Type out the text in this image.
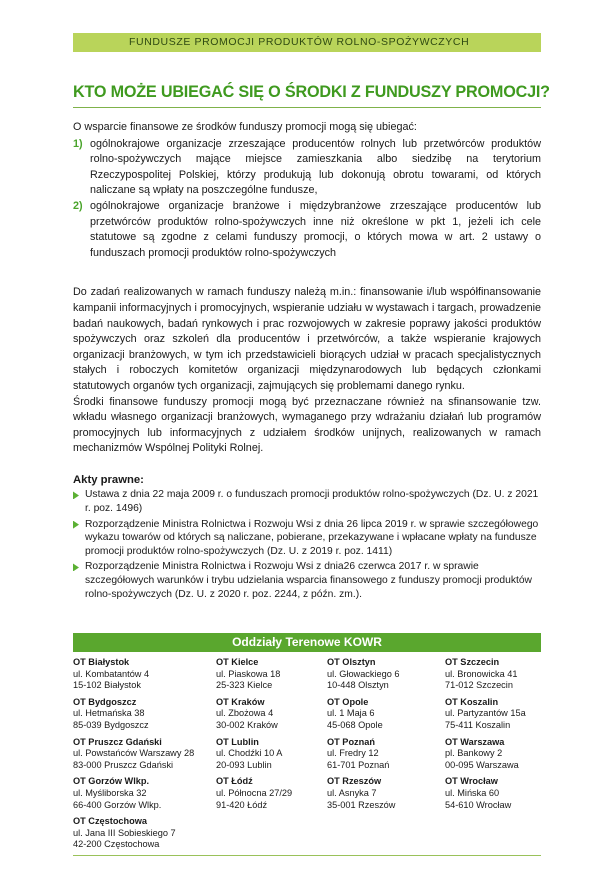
FUNDUSZE PROMOCJI PRODUKTÓW ROLNO-SPOŻYWCZYCH
KTO MOŻE UBIEGAĆ SIĘ O ŚRODKI Z FUNDUSZY PROMOCJI?

O wsparcie finansowe ze środków funduszy promocji mogą się ubiegać:

1) ogólnokrajowe organizacje zrzeszające producentów rolnych lub przetwórców produktów rolno-spożywczych mające miejsce zamieszkania albo siedzibę na terytorium Rzeczypospolitej Polskiej, którzy produkują lub dokonują obrotu towarami, od których naliczane są wpłaty na poszczególne fundusze,
2) ogólnokrajowe organizacje branżowe i międzybranżowe zrzeszające producentów lub przetwórców produktów rolno-spożywczych inne niż określone w pkt 1, jeżeli ich cele statutowe są zgodne z celami funduszy promocji, o których mowa w art. 2 ustawy o funduszach promocji produktów rolno-spożywczych

Do zadań realizowanych w ramach funduszy należą m.in.: finansowanie i/lub współfinansowanie kampanii informacyjnych i promocyjnych, wspieranie udziału w wystawach i targach, prowadzenie badań naukowych, badań rynkowych i prac rozwojowych w zakresie poprawy jakości produktów spożywczych oraz szkoleń dla producentów i przetwórców, a także wspieranie krajowych organizacji branżowych, w tym ich przedstawicieli biorących udział w pracach specjalistycznych stałych i roboczych komitetów organizacji międzynarodowych lub będących członkami statutowych organów tych organizacji, zajmujących się problemami danego rynku.

Środki finansowe funduszy promocji mogą być przeznaczane również na sfinansowanie tzw. wkładu własnego organizacji branżowych, wymaganego przy wdrażaniu działań lub programów promocyjnych lub informacyjnych z udziałem środków unijnych, realizowanych w ramach mechanizmów Wspólnej Polityki Rolnej.

Akty prawne:

Ustawa z dnia 22 maja 2009 r. o funduszach promocji produktów rolno-spożywczych (Dz. U. z 2021 r. poz. 1496)
Rozporządzenie Ministra Rolnictwa i Rozwoju Wsi z dnia 26 lipca 2019 r. w sprawie szczegółowego wykazu towarów od których są naliczane, pobierane, przekazywane i wpłacane wpłaty na fundusze promocji produktów rolno-spożywczych (Dz. U. z 2019 r. poz. 1411)
Rozporządzenie Ministra Rolnictwa i Rozwoju Wsi z dnia26 czerwca 2017 r. w sprawie szczegółowych warunków i trybu udzielania wsparcia finansowego z funduszy promocji produktów rolno-spożywczych (Dz. U. z 2020 r. poz. 2244, z późn. zm.).
Oddziały Terenowe KOWR
OT Białystok
ul. Kombatantów 4
15-102 Białystok
OT Kielce
ul. Piaskowa 18
25-323 Kielce
OT Olsztyn
ul. Głowackiego 6
10-448 Olsztyn
OT Szczecin
ul. Bronowicka 41
71-012 Szczecin
OT Bydgoszcz
ul. Hetmańska 38
85-039 Bydgoszcz
OT Kraków
ul. Zbożowa 4
30-002 Kraków
OT Opole
ul. 1 Maja 6
45-068 Opole
OT Koszalin
ul. Partyzantów 15a
75-411 Koszalin
OT Pruszcz Gdański
ul. Powstańców Warszawy 28
83-000 Pruszcz Gdański
OT Lublin
ul. Chodźki 10 A
20-093 Lublin
OT Poznań
ul. Fredry 12
61-701 Poznań
OT Warszawa
pl. Bankowy 2
00-095 Warszawa
OT Gorzów Wlkp.
ul. Myśliborska 32
66-400 Gorzów Wlkp.
OT Łódź
ul. Północna 27/29
91-420 Łódź
OT Rzeszów
ul. Asnyka 7
35-001 Rzeszów
OT Wrocław
ul. Mińska 60
54-610 Wrocław
OT Częstochowa
ul. Jana III Sobieskiego 7
42-200 Częstochowa
